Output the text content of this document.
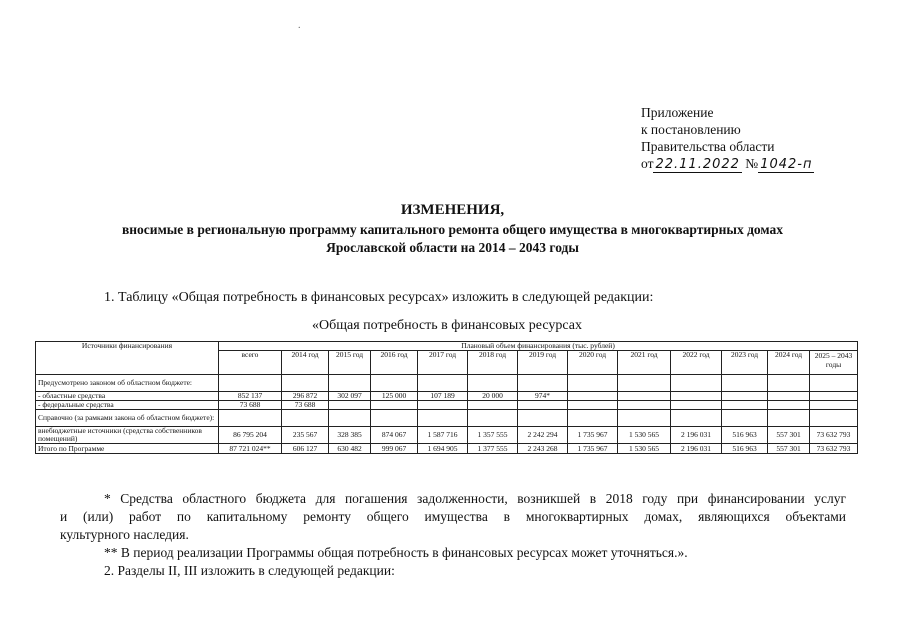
.
Приложение
к постановлению
Правительства области
от 22.11.2022 № 1042-п
ИЗМЕНЕНИЯ,
вносимые в региональную программу капитального ремонта общего имущества в многоквартирных домах
Ярославской области на 2014 – 2043 годы
1. Таблицу «Общая потребность в финансовых ресурсах» изложить в следующей редакции:
«Общая потребность в финансовых ресурсах
Источники финансирования	Плановый объем финансирования (тыс. рублей)												
	всего	2014 год	2015 год	2016 год	2017 год	2018 год	2019 год	2020 год	2021 год	2022 год	2023 год	2024 год	2025 – 2043 годы
Предусмотрено законом об областном бюджете:													
- областные средства	852 137	296 872	302 097	125 000	107 189	20 000	974*						
- федеральные средства	73 688	73 688											
Справочно (за рамками закона об областном бюджете):													
внебюджетные источники (средства собственников помещений)	86 795 204	235 567	328 385	874 067	1 587 716	1 357 555	2 242 294	1 735 967	1 530 565	2 196 031	516 963	557 301	73 632 793
Итого по Программе	87 721 024**	606 127	630 482	999 067	1 694 905	1 377 555	2 243 268	1 735 967	1 530 565	2 196 031	516 963	557 301	73 632 793
* Средства областного бюджета для погашения задолженности, возникшей в 2018 году при финансировании услуг
и (или) работ по капитальному ремонту общего имущества в многоквартирных домах, являющихся объектами
культурного наследия.
** В период реализации Программы общая потребность в финансовых ресурсах может уточняться.».
2. Разделы II, III изложить в следующей редакции:
